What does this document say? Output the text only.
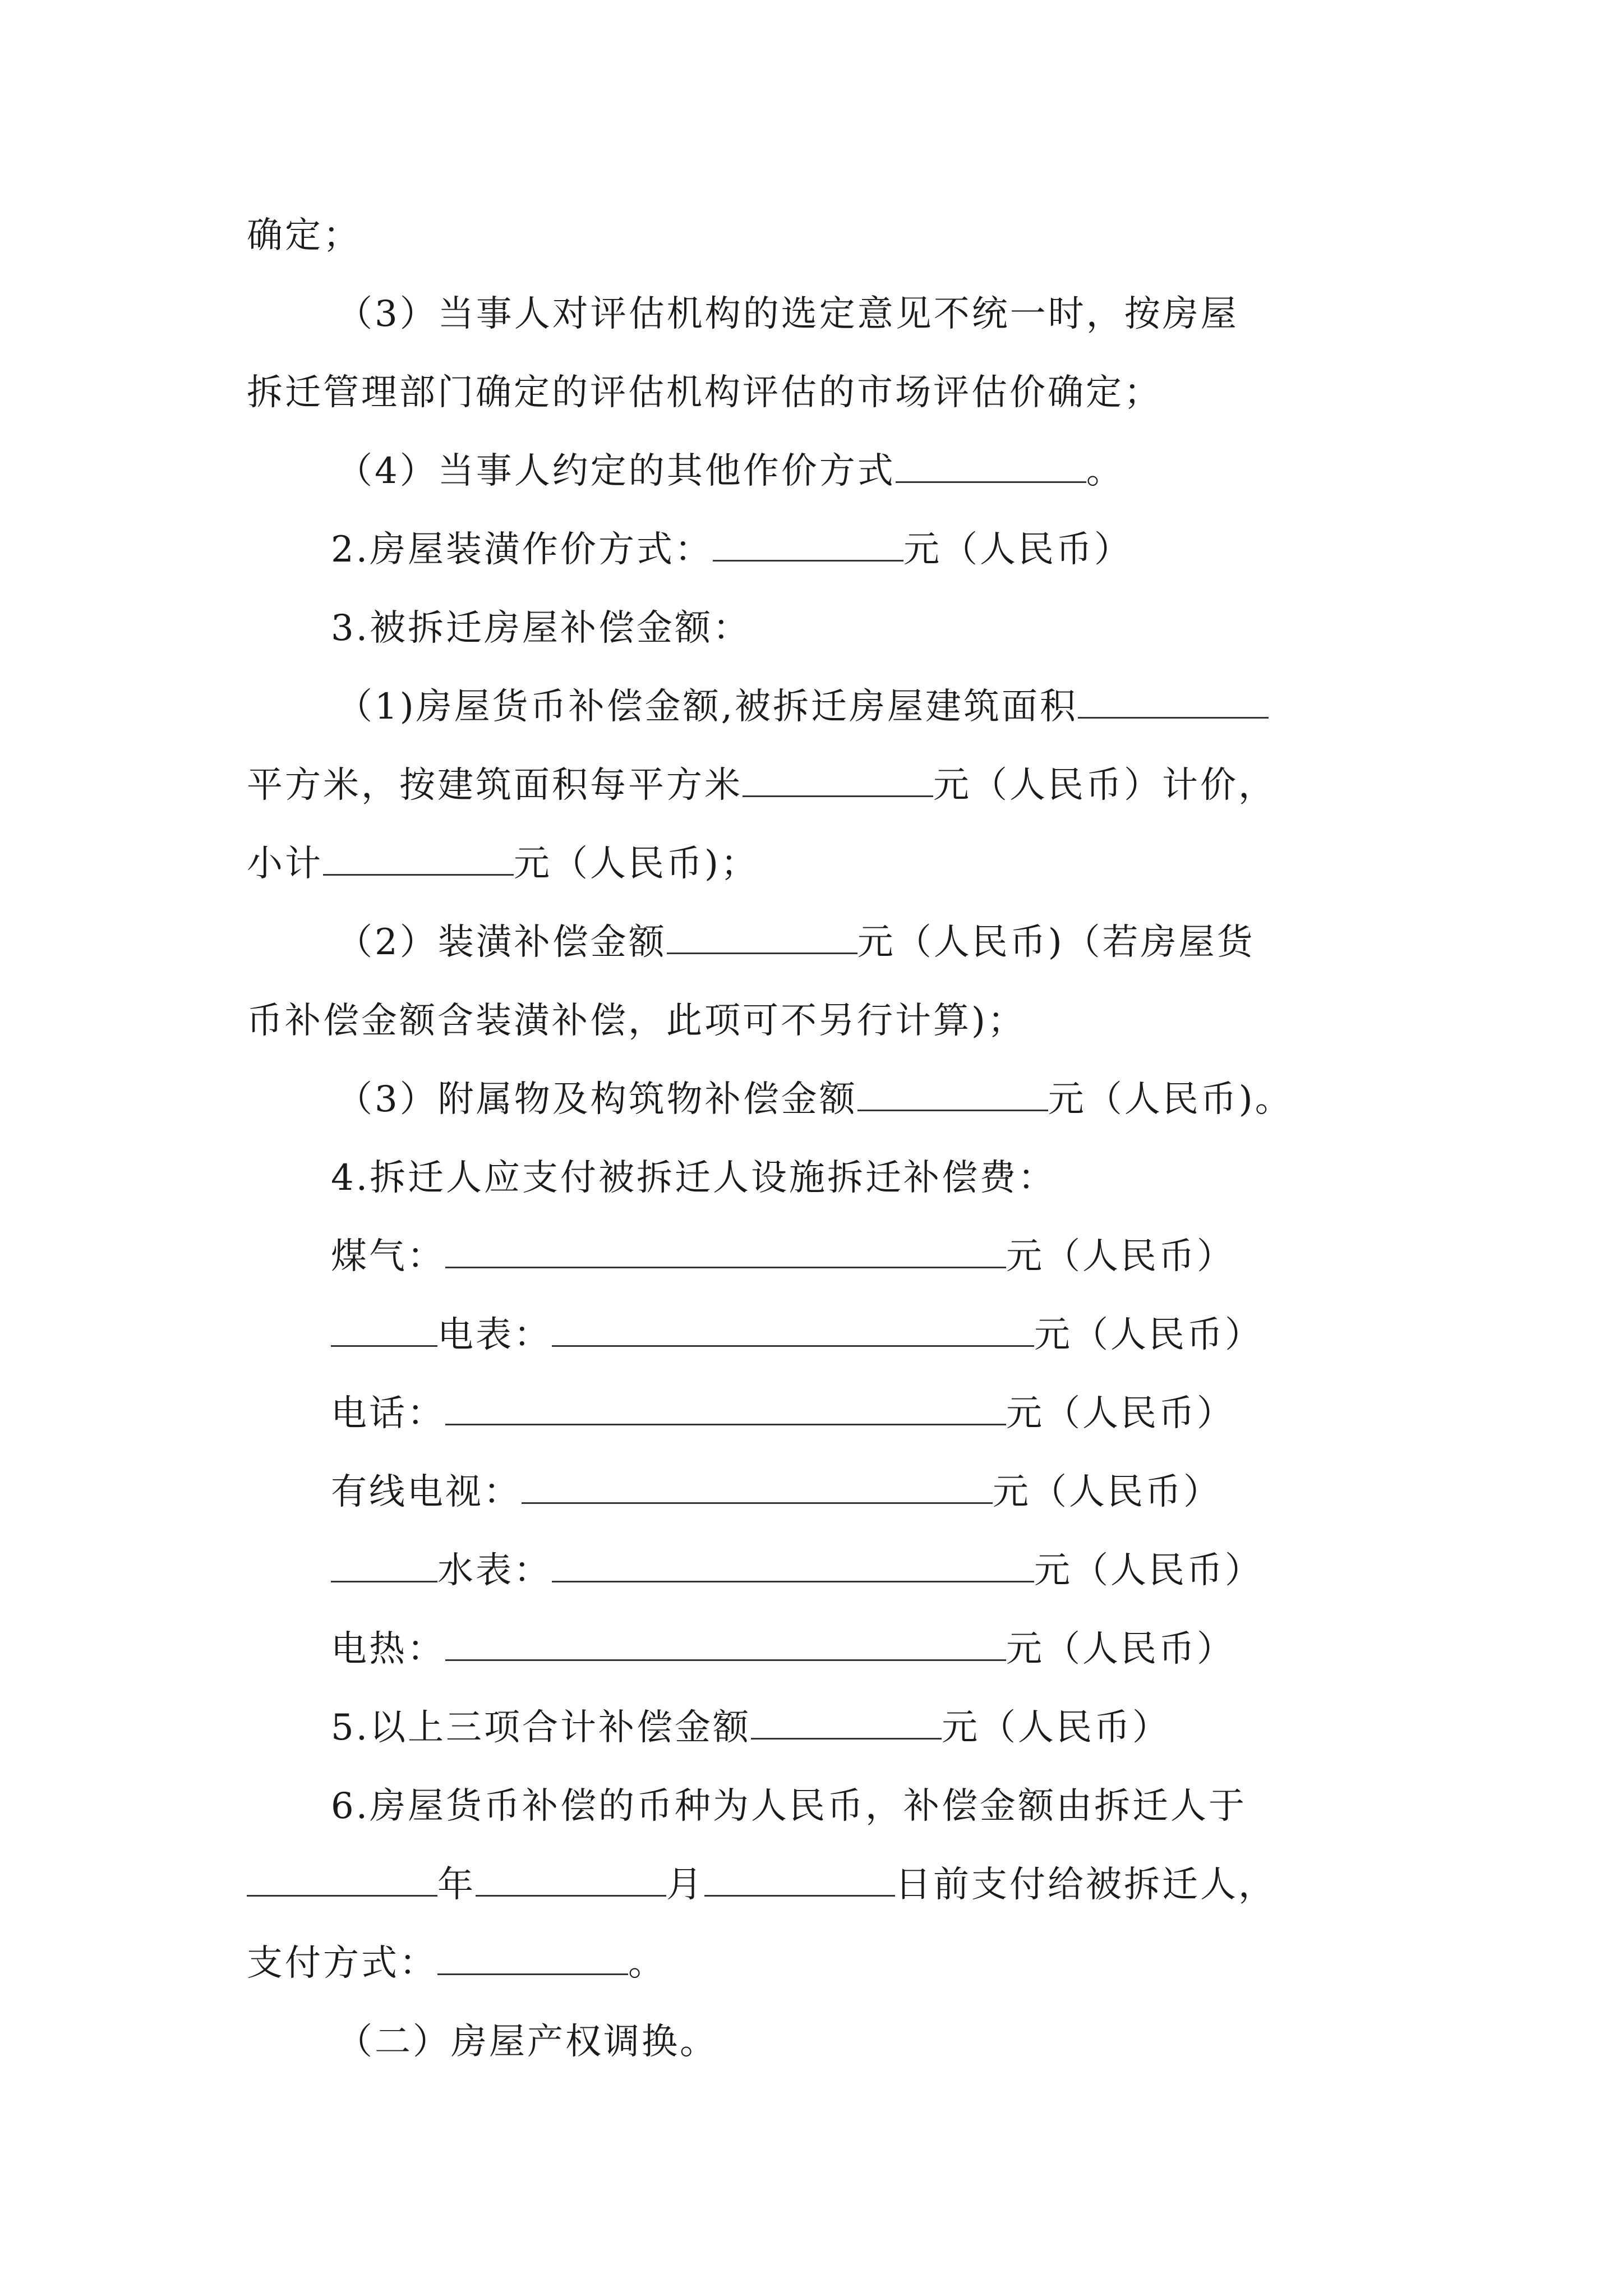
确定；
（3）当事人对评估机构的选定意见不统一时，按房屋
拆迁管理部门确定的评估机构评估的市场评估价确定；
（4）当事人约定的其他作价方式	。
2.房屋装潢作价方式：	元（人民币）
3.被拆迁房屋补偿金额：
（1)房屋货币补偿金额,被拆迁房屋建筑面积
平方米，按建筑面积每平方米	元（人民币）计价，
小计	元（人民币)；
（2）装潢补偿金额	元（人民币)（若房屋货
币补偿金额含装潢补偿，此项可不另行计算)；
（3）附属物及构筑物补偿金额	元（人民币)。
4.拆迁人应支付被拆迁人设施拆迁补偿费：
煤气：	元（人民币）
电表：	元（人民币）
电话：	元（人民币）
有线电视：	元（人民币）
水表：	元（人民币）
电热：	元（人民币）
5.以上三项合计补偿金额	元（人民币）
6.房屋货币补偿的币种为人民币，补偿金额由拆迁人于
年	月	日前支付给被拆迁人，
支付方式：	。
（二）房屋产权调换。
